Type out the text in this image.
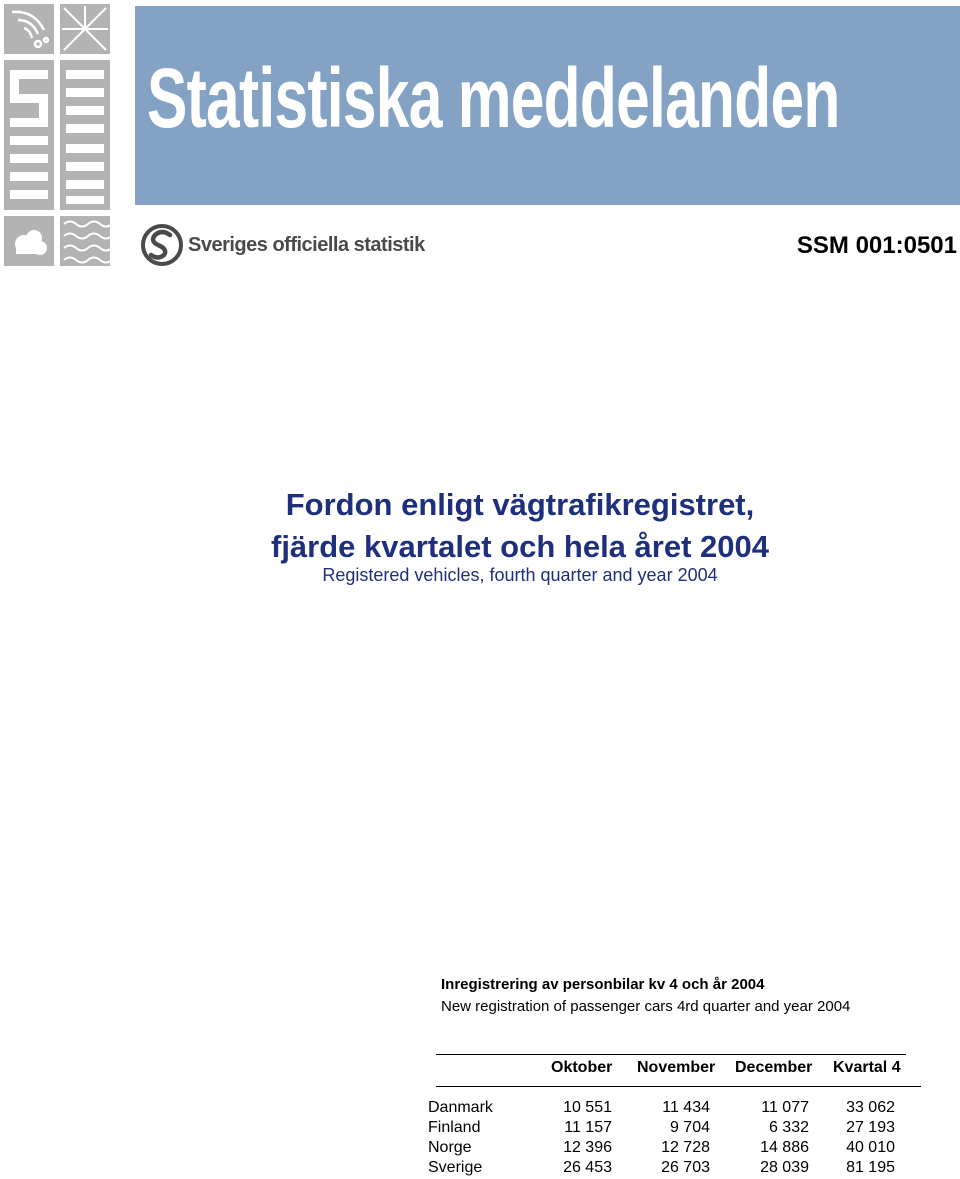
Statistiska meddelanden
Sveriges officiella statistik	SSM 001:0501
Fordon enligt vägtrafikregistret,
fjärde kvartalet och hela året 2004
Registered vehicles, fourth quarter and year 2004
Inregistrering av personbilar kv 4 och år 2004
New registration of passenger cars 4rd quarter and year 2004
Oktober November December Kvartal 4
Danmark	10 551	11 434	11 077	33 062
Finland	11 157	9 704	6 332	27 193
Norge	12 396	12 728	14 886	40 010
Sverige	26 453	26 703	28 039	81 195
